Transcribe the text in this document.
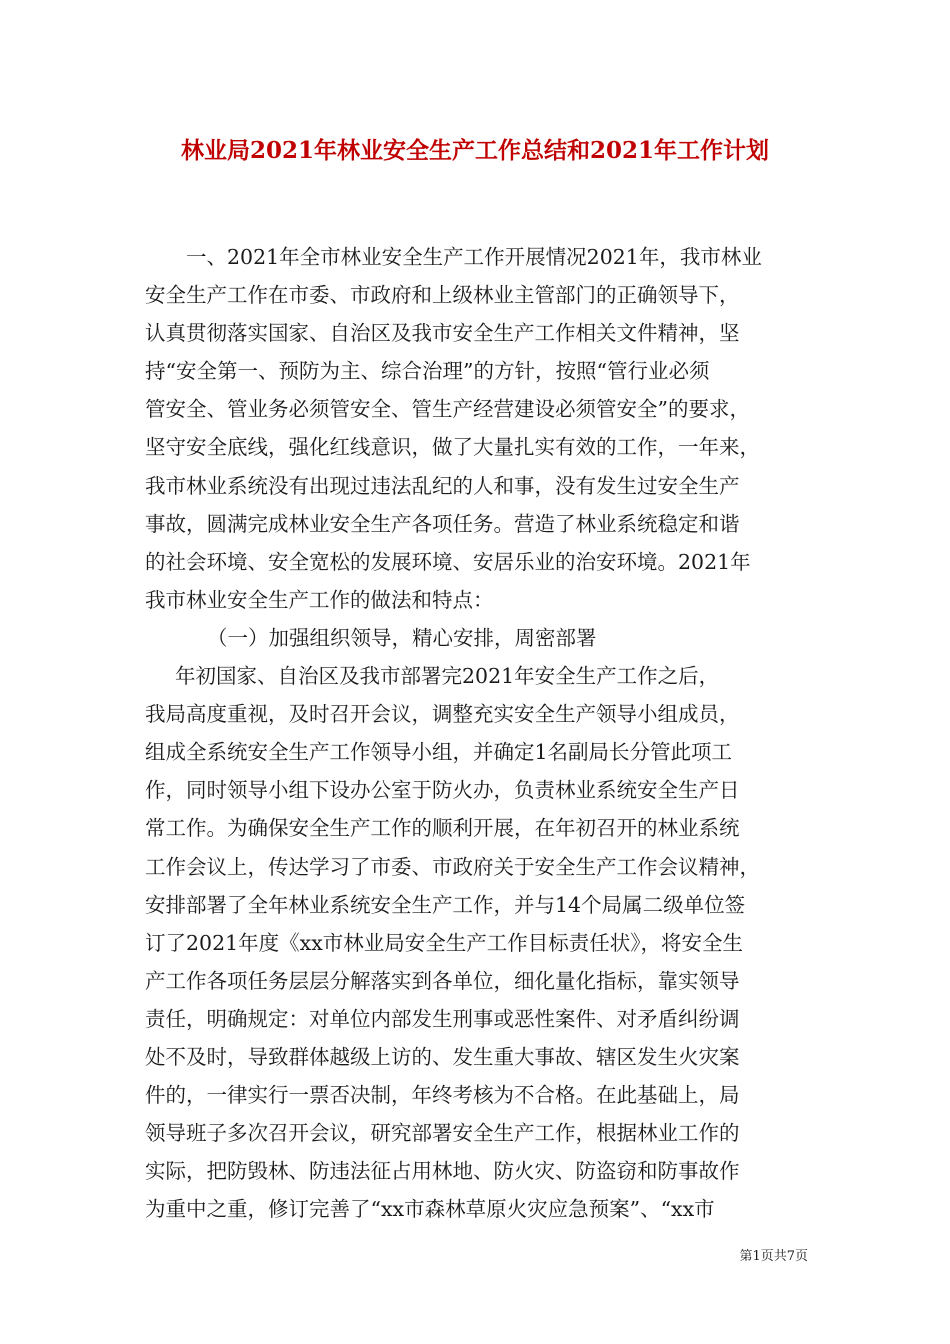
林业局2021年林业安全生产工作总结和2021年工作计划
一、2021年全市林业安全生产工作开展情况2021年，我市林业
安全生产工作在市委、市政府和上级林业主管部门的正确领导下，
认真贯彻落实国家、自治区及我市安全生产工作相关文件精神，坚
持“安全第一、预防为主、综合治理”的方针，按照“管行业必须
管安全、管业务必须管安全、管生产经营建设必须管安全”的要求，
坚守安全底线，强化红线意识，做了大量扎实有效的工作，一年来，
我市林业系统没有出现过违法乱纪的人和事，没有发生过安全生产
事故，圆满完成林业安全生产各项任务。营造了林业系统稳定和谐
的社会环境、安全宽松的发展环境、安居乐业的治安环境。2021年
我市林业安全生产工作的做法和特点：
（一）加强组织领导，精心安排，周密部署
年初国家、自治区及我市部署完2021年安全生产工作之后，
我局高度重视，及时召开会议，调整充实安全生产领导小组成员，
组成全系统安全生产工作领导小组，并确定1名副局长分管此项工
作，同时领导小组下设办公室于防火办，负责林业系统安全生产日
常工作。为确保安全生产工作的顺利开展，在年初召开的林业系统
工作会议上，传达学习了市委、市政府关于安全生产工作会议精神，
安排部署了全年林业系统安全生产工作，并与14个局属二级单位签
订了2021年度《xx市林业局安全生产工作目标责任状》，将安全生
产工作各项任务层层分解落实到各单位，细化量化指标，靠实领导
责任，明确规定：对单位内部发生刑事或恶性案件、对矛盾纠纷调
处不及时，导致群体越级上访的、发生重大事故、辖区发生火灾案
件的，一律实行一票否决制，年终考核为不合格。在此基础上，局
领导班子多次召开会议，研究部署安全生产工作，根据林业工作的
实际，把防毁林、防违法征占用林地、防火灾、防盗窃和防事故作
为重中之重，修订完善了“xx市森林草原火灾应急预案”、“xx市
第1页共7页
